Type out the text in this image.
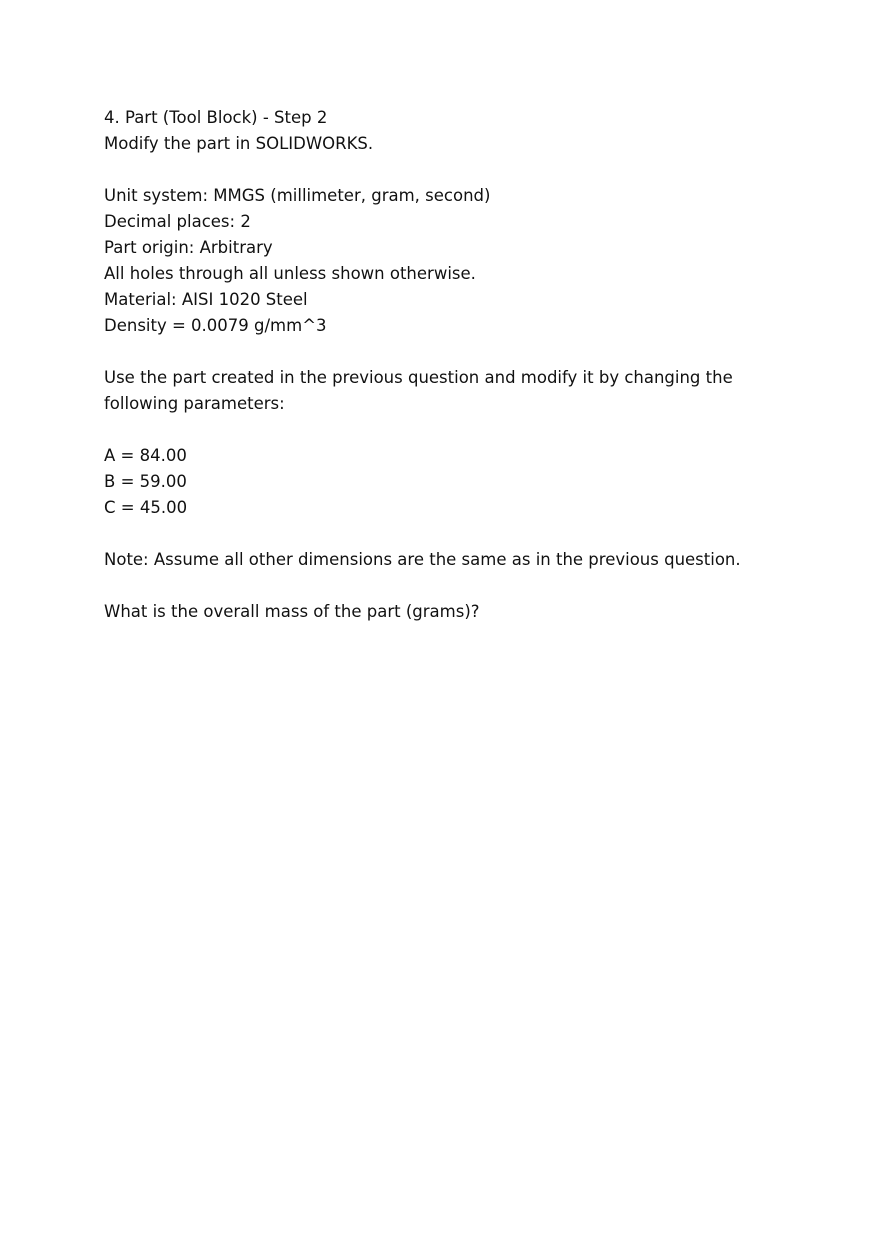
4. Part (Tool Block) - Step 2
Modify the part in SOLIDWORKS.
Unit system: MMGS (millimeter, gram, second)
Decimal places: 2
Part origin: Arbitrary
All holes through all unless shown otherwise.
Material: AISI 1020 Steel
Density = 0.0079 g/mm^3
Use the part created in the previous question and modify it by changing the following parameters:
A = 84.00
B = 59.00
C = 45.00
Note: Assume all other dimensions are the same as in the previous question.
What is the overall mass of the part (grams)?
